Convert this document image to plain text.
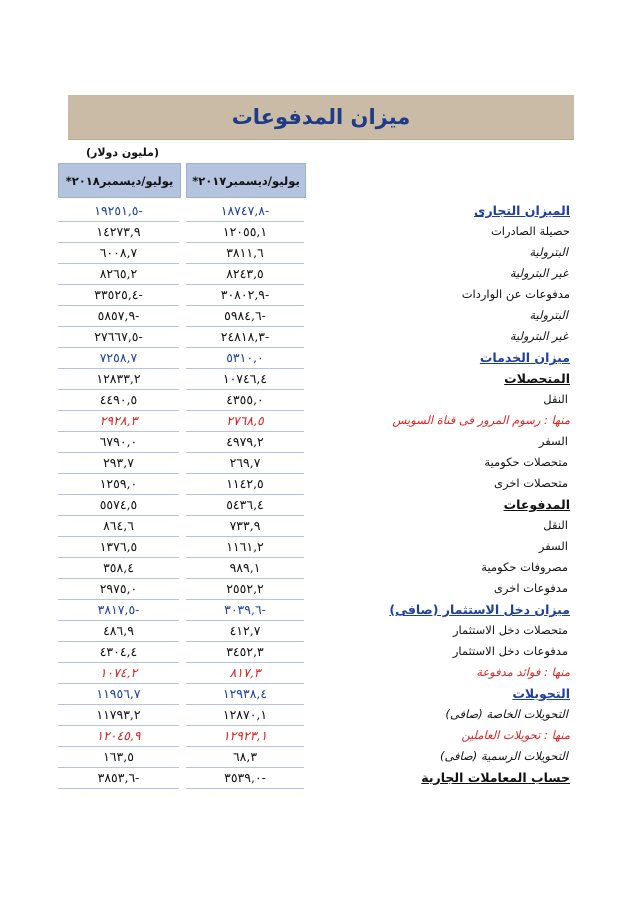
ميزان المدفوعات
(مليون دولار)
يوليو/ديسمبر٢٠١٧*
يوليو/ديسمبر٢٠١٨*
الميزان التجارى
-١٨٧٤٧,٨
-١٩٢٥١,٥
حصيلة الصادرات
١٢٠٥٥,١
١٤٢٧٣,٩
البترولية
٣٨١١,٦
٦٠٠٨,٧
غير البترولية
٨٢٤٣,٥
٨٢٦٥,٢
مدفوعات عن الواردات
-٣٠٨٠٢,٩
-٣٣٥٢٥,٤
البترولية
-٥٩٨٤,٦
-٥٨٥٧,٩
غير البترولية
-٢٤٨١٨,٣
-٢٧٦٦٧,٥
ميزان الخدمات
٥٣١٠,٠
٧٢٥٨,٧
المتحصلات
١٠٧٤٦,٤
١٢٨٣٣,٢
النقل
٤٣٥٥,٠
٤٤٩٠,٥
منها : رسوم المرور فى قناة السويس
٢٧٦٨,٥
٢٩٢٨,٣
السفر
٤٩٧٩,٢
٦٧٩٠,٠
متحصلات حكومية
٢٦٩,٧
٢٩٣,٧
متحصلات اخرى
١١٤٢,٥
١٢٥٩,٠
المدفوعات
٥٤٣٦,٤
٥٥٧٤,٥
النقل
٧٣٣,٩
٨٦٤,٦
السفر
١١٦١,٢
١٣٧٦,٥
مصروفات حكومية
٩٨٩,١
٣٥٨,٤
مدفوعات اخرى
٢٥٥٢,٢
٢٩٧٥,٠
ميزان دخل الاستثمار (صافى)
-٣٠٣٩,٦
-٣٨١٧,٥
متحصلات دخل الاستثمار
٤١٢,٧
٤٨٦,٩
مدفوعات دخل الاستثمار
٣٤٥٢,٣
٤٣٠٤,٤
منها : فوائد مدفوعة
٨١٧,٣
١٠٧٤,٢
التحويلات
١٢٩٣٨,٤
١١٩٥٦,٧
التحويلات الخاصة (صافى)
١٢٨٧٠,١
١١٧٩٣,٢
منها : تحويلات العاملين
١٢٩٢٣,١
١٢٠٤٥,٩
التحويلات الرسمية (صافى)
٦٨,٣
١٦٣,٥
حساب المعاملات الجارية
-٣٥٣٩,٠
-٣٨٥٣,٦
